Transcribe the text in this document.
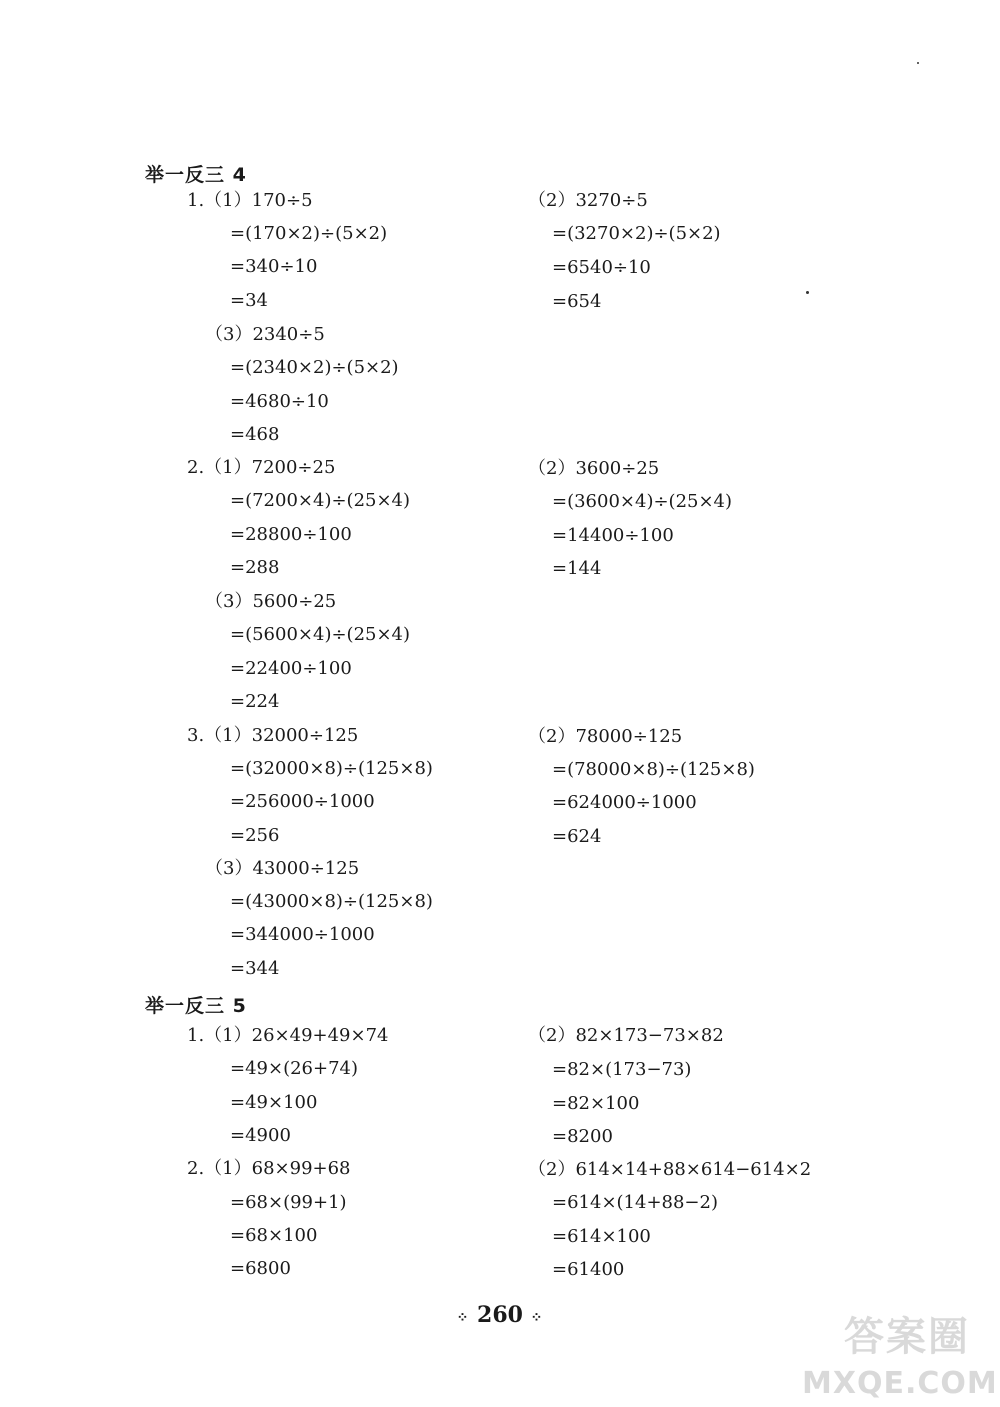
举一反三 4
1.（1）170÷5
=(170×2)÷(5×2)
=340÷10
=34
（2）3270÷5
=(3270×2)÷(5×2)
=6540÷10
=654
（3）2340÷5
=(2340×2)÷(5×2)
=4680÷10
=468
2.（1）7200÷25
=(7200×4)÷(25×4)
=28800÷100
=288
（2）3600÷25
=(3600×4)÷(25×4)
=14400÷100
=144
（3）5600÷25
=(5600×4)÷(25×4)
=22400÷100
=224
3.（1）32000÷125
=(32000×8)÷(125×8)
=256000÷1000
=256
（2）78000÷125
=(78000×8)÷(125×8)
=624000÷1000
=624
（3）43000÷125
=(43000×8)÷(125×8)
=344000÷1000
=344
举一反三 5
1.（1）26×49+49×74
=49×(26+74)
=49×100
=4900
（2）82×173−73×82
=82×(173−73)
=82×100
=8200
2.（1）68×99+68
=68×(99+1)
=68×100
=6800
（2）614×14+88×614−614×2
=614×(14+88−2)
=614×100
=61400
⁘ 260 ⁘	答案圈
MXQE.COM
